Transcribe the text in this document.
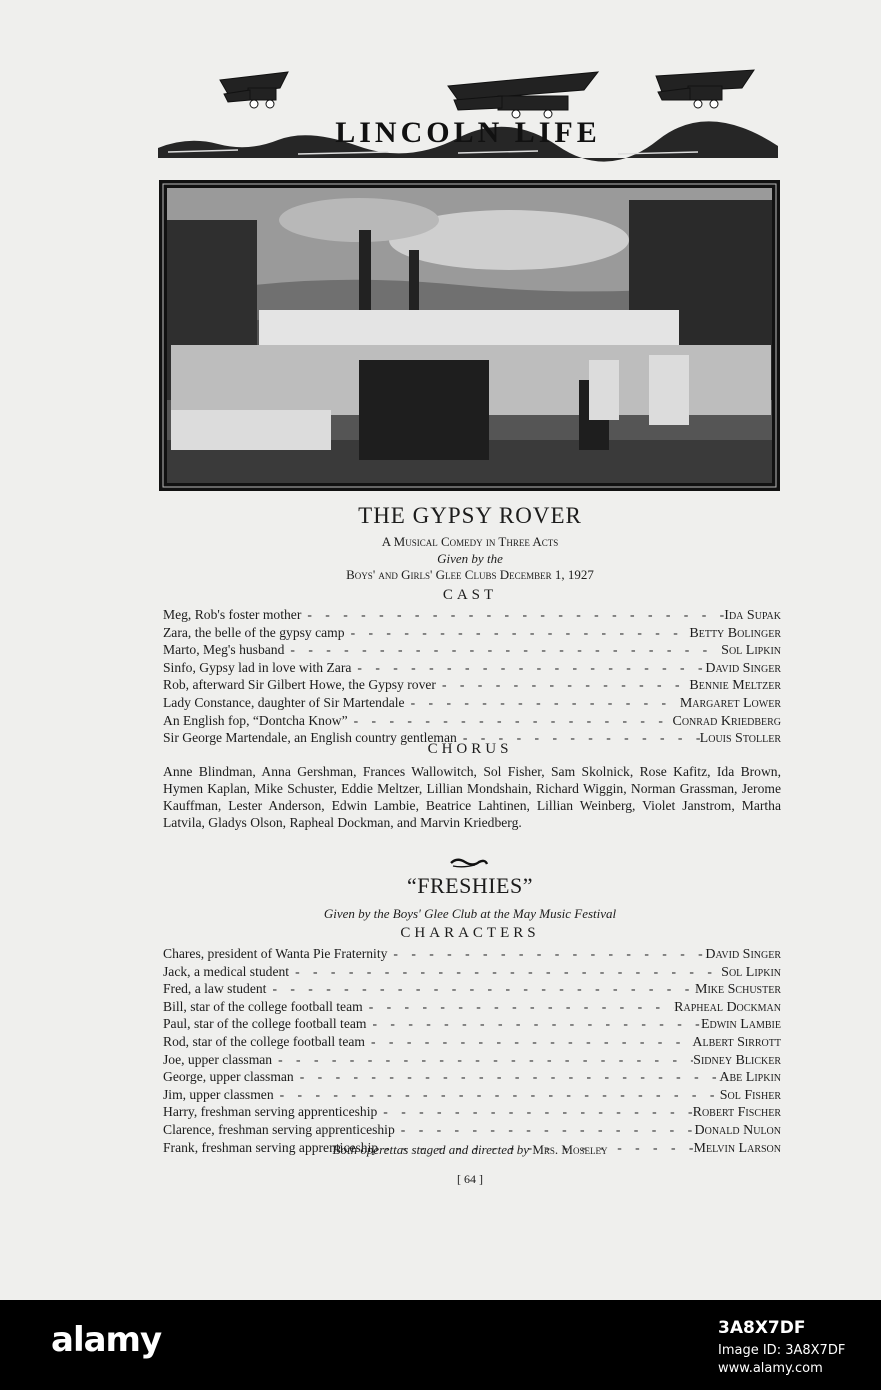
LINCOLN LIFE
THE GYPSY ROVER
A Musical Comedy in Three Acts
Given by the
Boys' and Girls' Glee Clubs December 1, 1927
CAST
Meg, Rob's foster mother - - -	Ida Supak
Zara, the belle of the gypsy camp - - -	Betty Bolinger
Marto, Meg's husband - - -	Sol Lipkin
Sinfo, Gypsy lad in love with Zara - - -	David Singer
Rob, afterward Sir Gilbert Howe, the Gypsy rover - - -	Bennie Meltzer
Lady Constance, daughter of Sir Martendale - - -	Margaret Lower
An English fop, “Dontcha Know” - - -	Conrad Kriedberg
Sir George Martendale, an English country gentleman - - -	Louis Stoller
CHORUS
Anne Blindman, Anna Gershman, Frances Wallowitch, Sol Fisher, Sam Skolnick, Rose Kafitz, Ida Brown, Hymen Kaplan, Mike Schuster, Eddie Meltzer, Lillian Mondshain, Richard Wiggin, Norman Grassman, Jerome Kauffman, Lester Anderson, Edwin Lambie, Beatrice Lahtinen, Lillian Weinberg, Violet Janstrom, Martha Latvila, Gladys Olson, Rapheal Dockman, and Marvin Kriedberg.
“FRESHIES”
Given by the Boys' Glee Club at the May Music Festival
CHARACTERS
Chares, president of Wanta Pie Fraternity - - -	David Singer
Jack, a medical student - - -	Sol Lipkin
Fred, a law student - - -	Mike Schuster
Bill, star of the college football team - - -	Rapheal Dockman
Paul, star of the college football team - - -	Edwin Lambie
Rod, star of the college football team - - -	Albert Sirrott
Joe, upper classman - - -	Sidney Blicker
George, upper classman - - -	Abe Lipkin
Jim, upper classmen - - -	Sol Fisher
Harry, freshman serving apprenticeship - - -	Robert Fischer
Clarence, freshman serving apprenticeship - - -	Donald Nulon
Frank, freshman serving apprenticeship - - -	Melvin Larson
Both operettas staged and directed by Mrs. Moseley
[ 64 ]
alamy	3A8X7DF
Image ID: 3A8X7DF
www.alamy.com
